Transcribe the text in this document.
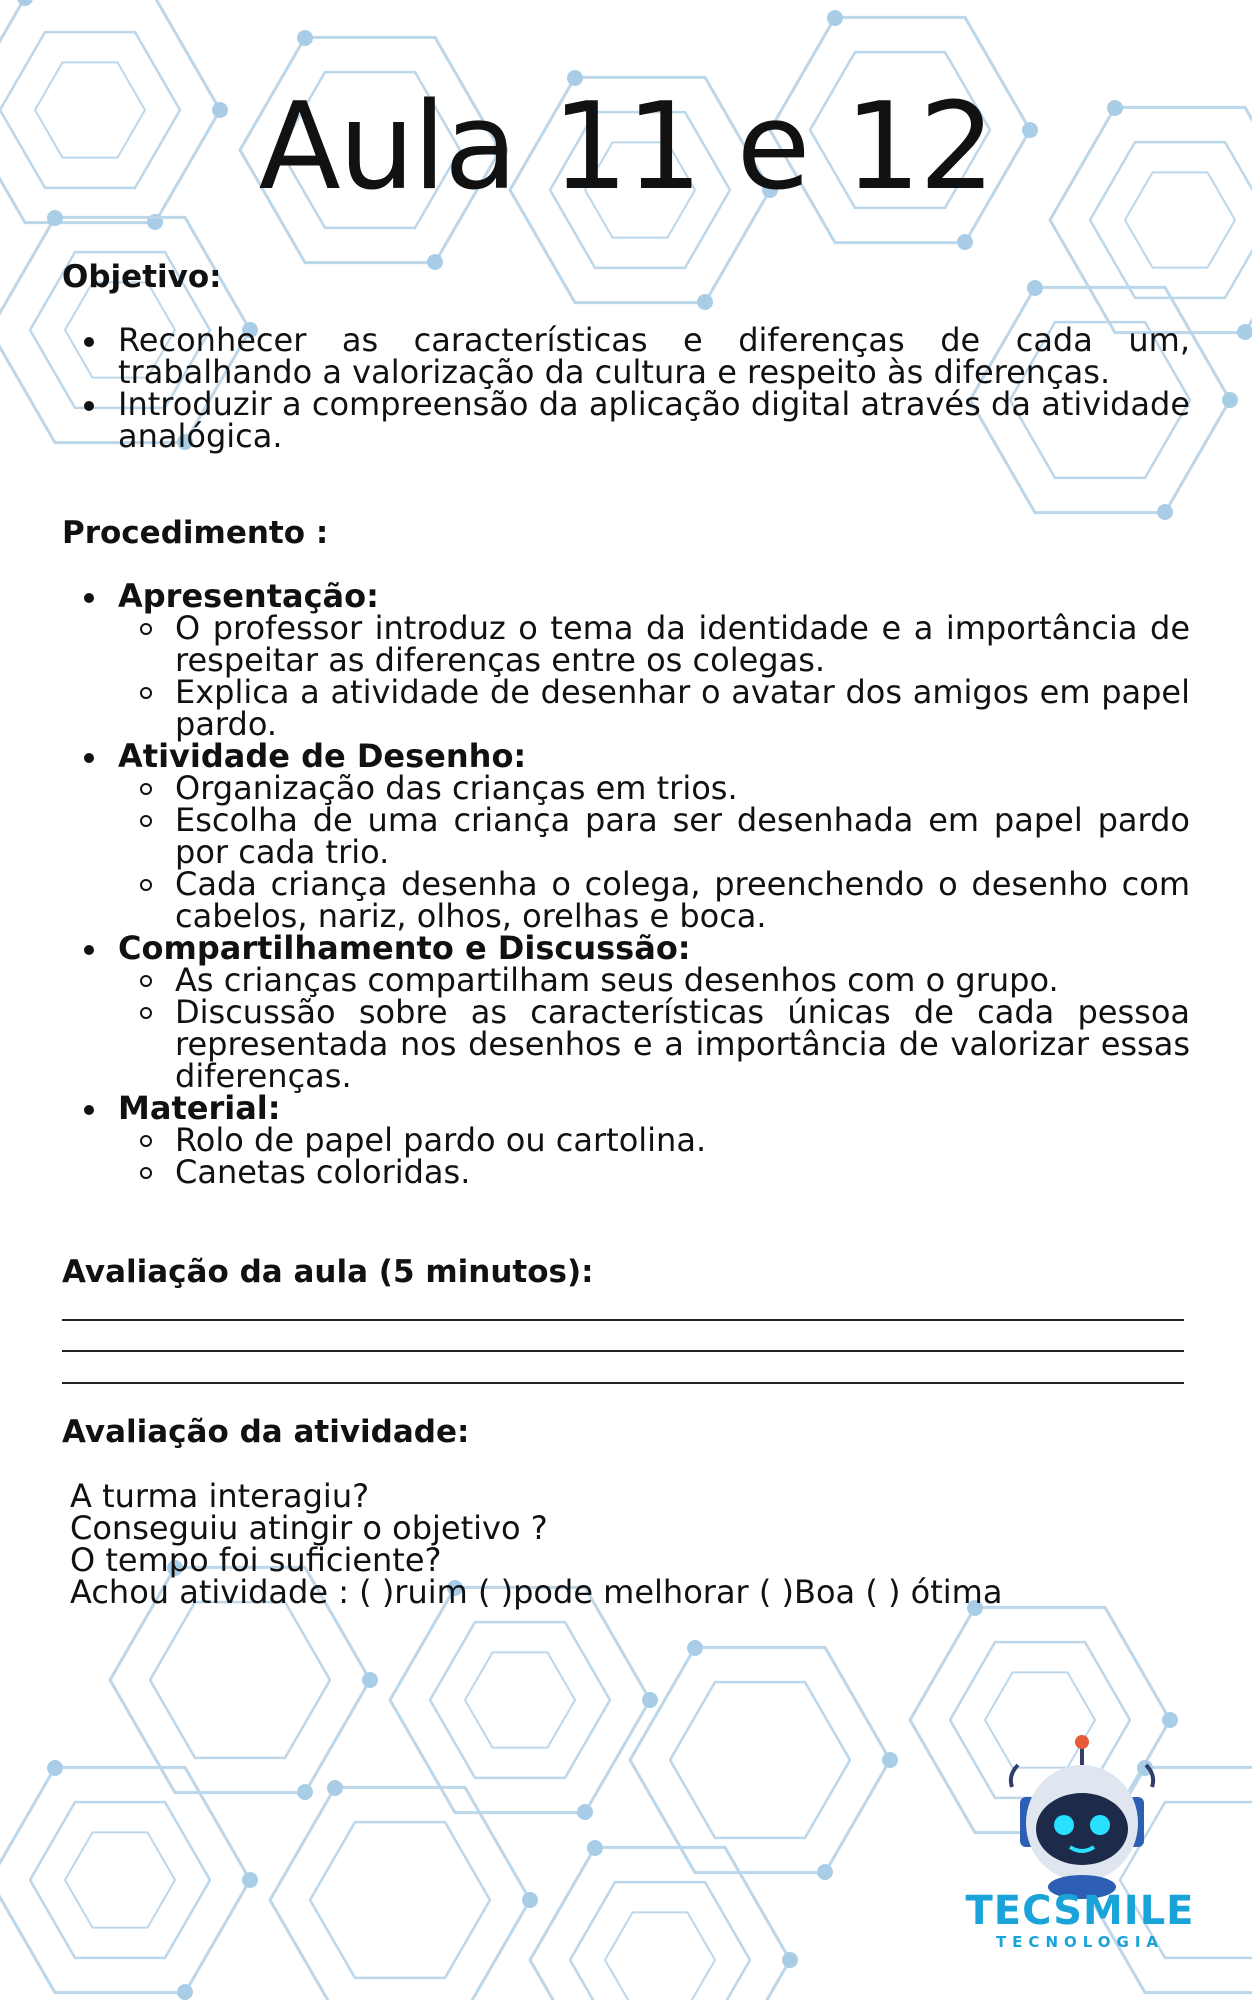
Aula 11 e 12
Objetivo:
Reconhecer as características e diferenças de cada um, trabalhando a valorização da cultura e respeito às diferenças.
Introduzir a compreensão da aplicação digital através da atividade analógica.
Procedimento :
Apresentação:
O professor introduz o tema da identidade e a importância de respeitar as diferenças entre os colegas.
Explica a atividade de desenhar o avatar dos amigos em papel pardo.
Atividade de Desenho:
Organização das crianças em trios.
Escolha de uma criança para ser desenhada em papel pardo por cada trio.
Cada criança desenha o colega, preenchendo o desenho com cabelos, nariz, olhos, orelhas e boca.
Compartilhamento e Discussão:
As crianças compartilham seus desenhos com o grupo.
Discussão sobre as características únicas de cada pessoa representada nos desenhos e a importância de valorizar essas diferenças.
Material:
Rolo de papel pardo ou cartolina.
Canetas coloridas.
Avaliação da aula (5 minutos):
Avaliação da atividade:
A turma interagiu?
Conseguiu atingir o objetivo ?
O tempo foi suficiente?
Achou atividade : ( )ruim ( )pode melhorar ( )Boa ( ) ótima
TECSMILE
TECNOLOGIA
